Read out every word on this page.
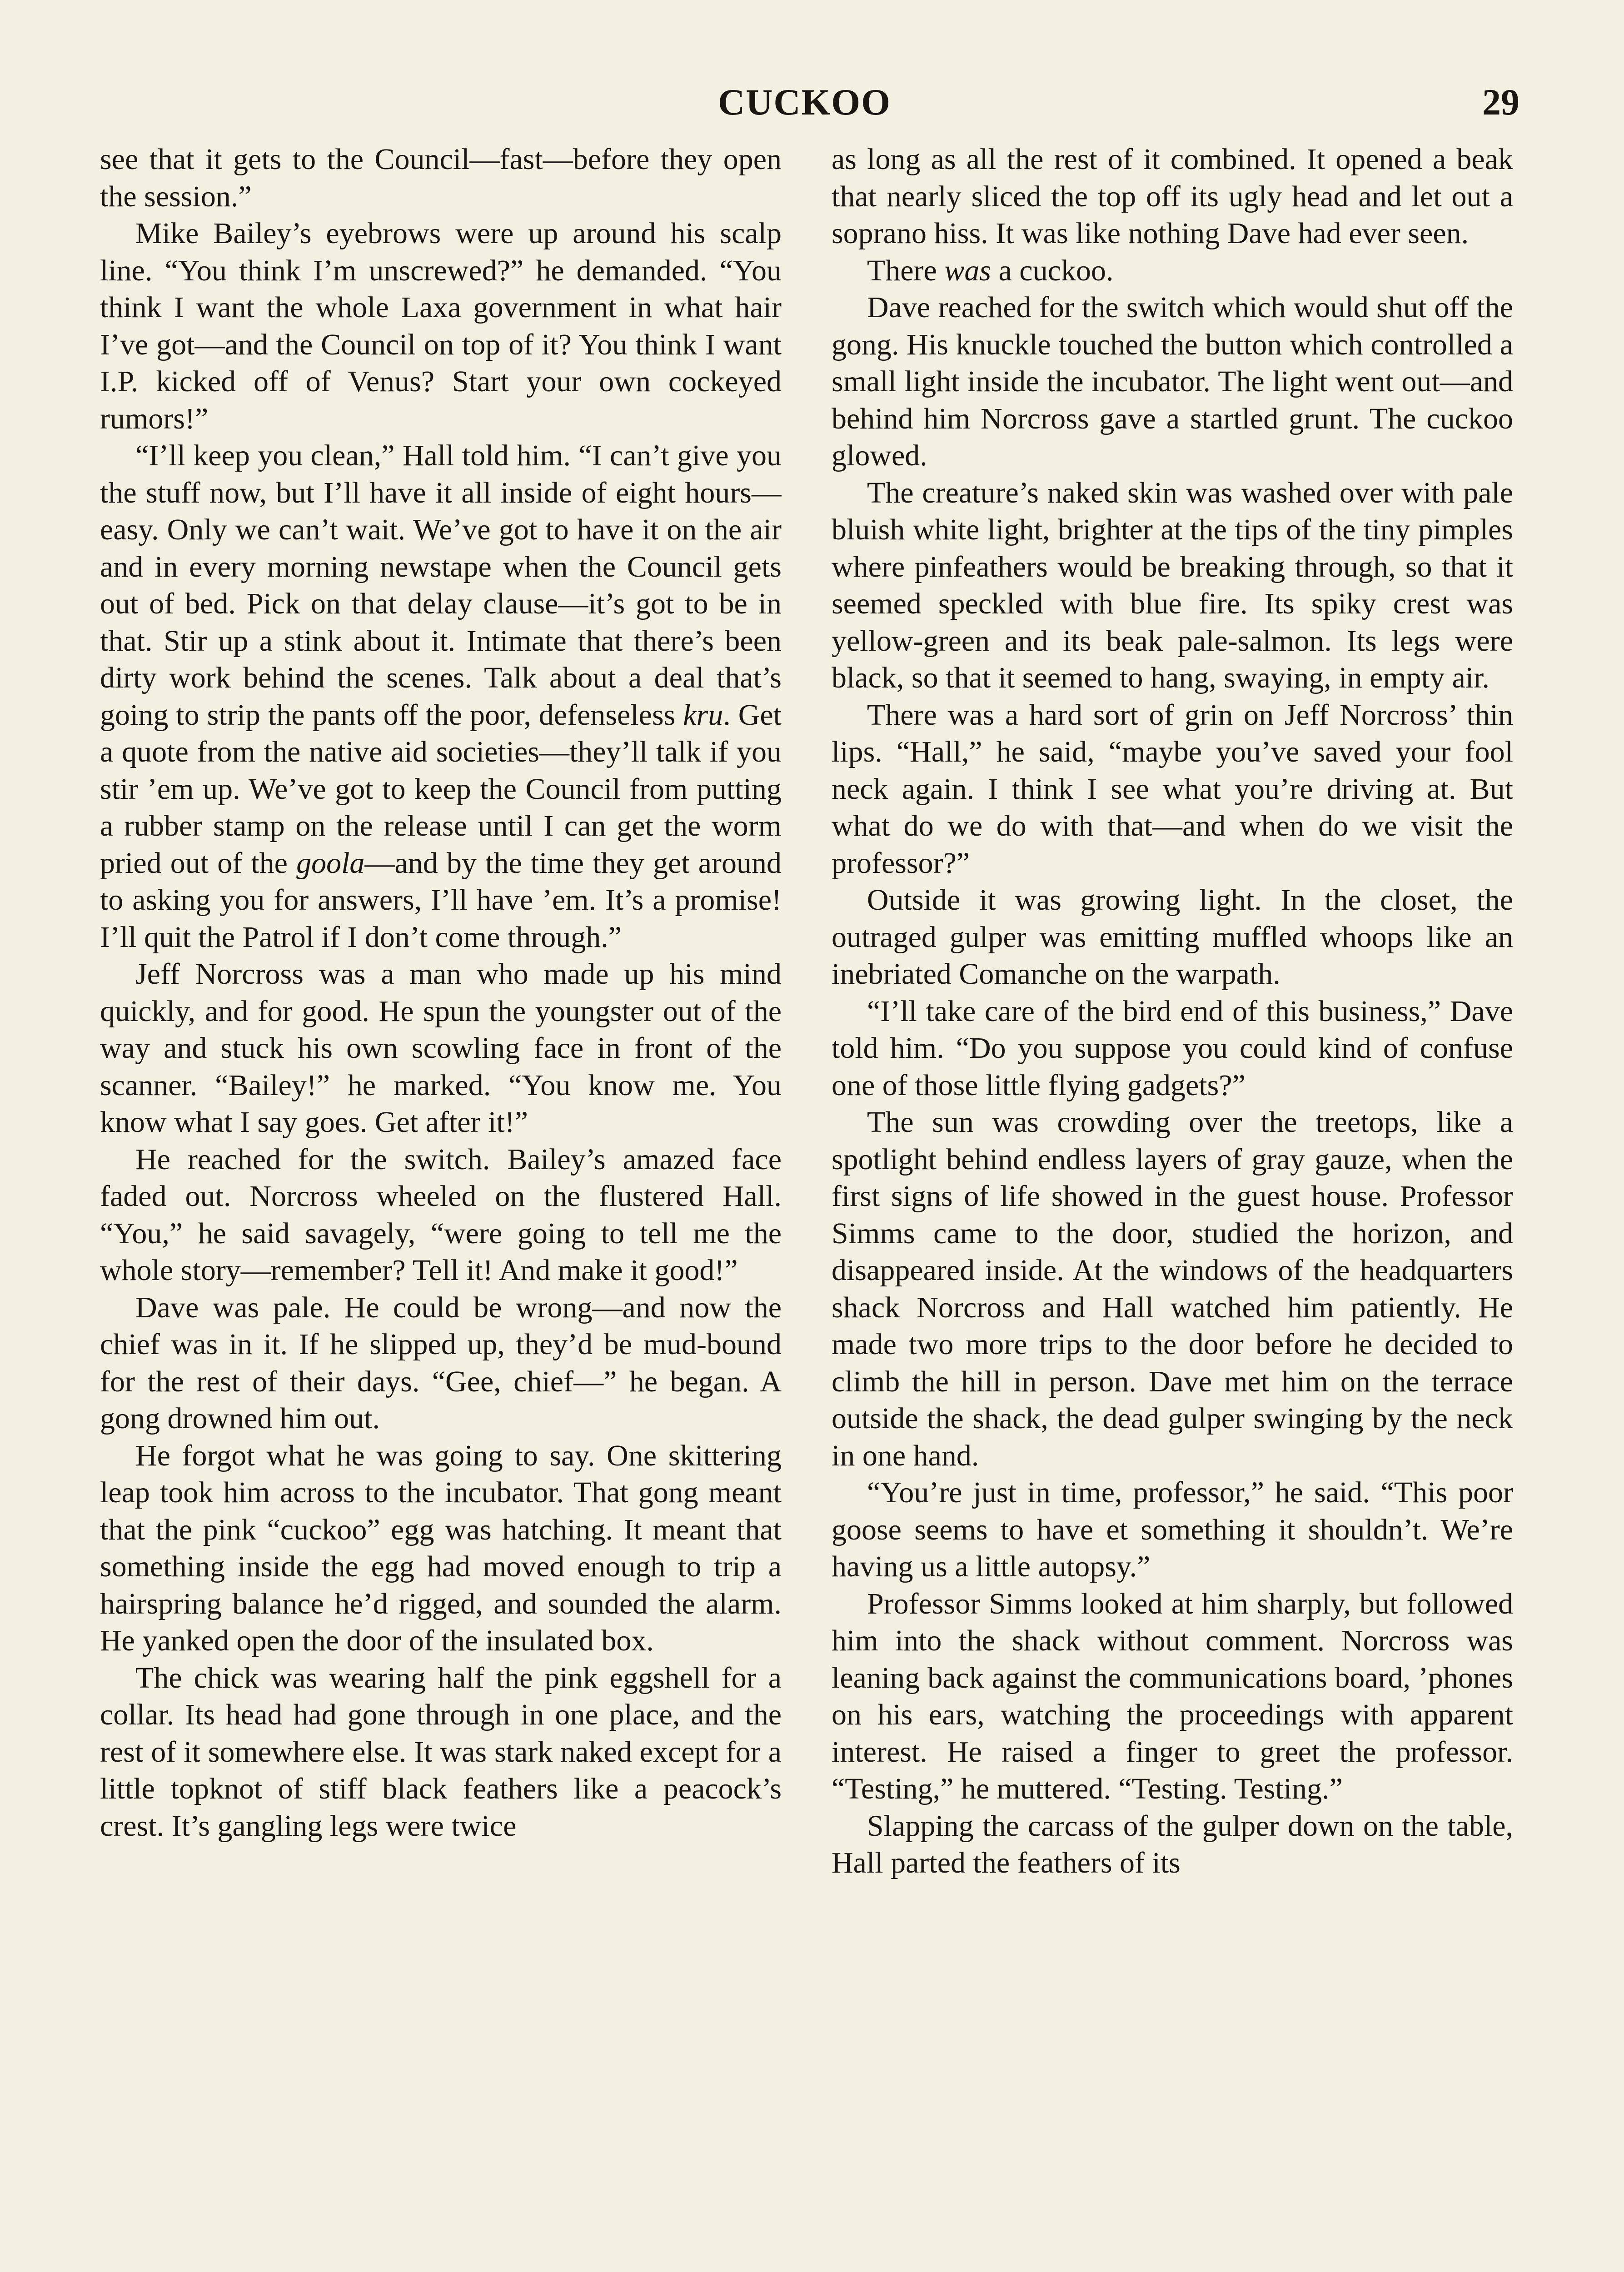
CUCKOO	29

see that it gets to the Council—fast—before they open the session.”

Mike Bailey’s eyebrows were up around his scalp line. “You think I’m unscrewed?” he demanded. “You think I want the whole Laxa government in what hair I’ve got—and the Council on top of it? You think I want I.P. kicked off of Venus? Start your own cockeyed rumors!”

“I’ll keep you clean,” Hall told him. “I can’t give you the stuff now, but I’ll have it all inside of eight hours—easy. Only we can’t wait. We’ve got to have it on the air and in every morning newstape when the Council gets out of bed. Pick on that delay clause—it’s got to be in that. Stir up a stink about it. Intimate that there’s been dirty work behind the scenes. Talk about a deal that’s going to strip the pants off the poor, defenseless kru. Get a quote from the native aid societies—they’ll talk if you stir ’em up. We’ve got to keep the Council from putting a rubber stamp on the release until I can get the worm pried out of the goola—and by the time they get around to asking you for answers, I’ll have ’em. It’s a promise! I’ll quit the Patrol if I don’t come through.”

Jeff Norcross was a man who made up his mind quickly, and for good. He spun the youngster out of the way and stuck his own scowling face in front of the scanner. “Bailey!” he marked. “You know me. You know what I say goes. Get after it!”

He reached for the switch. Bailey’s amazed face faded out. Norcross wheeled on the flustered Hall. “You,” he said savagely, “were going to tell me the whole story—remember? Tell it! And make it good!”

Dave was pale. He could be wrong—and now the chief was in it. If he slipped up, they’d be mud-bound for the rest of their days. “Gee, chief—” he began. A gong drowned him out.

He forgot what he was going to say. One skittering leap took him across to the incubator. That gong meant that the pink “cuckoo” egg was hatching. It meant that something inside the egg had moved enough to trip a hairspring balance he’d rigged, and sounded the alarm. He yanked open the door of the insulated box.

The chick was wearing half the pink eggshell for a collar. Its head had gone through in one place, and the rest of it somewhere else. It was stark naked except for a little topknot of stiff black feathers like a peacock’s crest. It’s gangling legs were twice

as long as all the rest of it combined. It opened a beak that nearly sliced the top off its ugly head and let out a soprano hiss. It was like nothing Dave had ever seen.

There was a cuckoo.

Dave reached for the switch which would shut off the gong. His knuckle touched the button which controlled a small light inside the incubator. The light went out—and behind him Norcross gave a startled grunt. The cuckoo glowed.

The creature’s naked skin was washed over with pale bluish white light, brighter at the tips of the tiny pimples where pinfeathers would be breaking through, so that it seemed speckled with blue fire. Its spiky crest was yellow-green and its beak pale-salmon. Its legs were black, so that it seemed to hang, swaying, in empty air.

There was a hard sort of grin on Jeff Norcross’ thin lips. “Hall,” he said, “maybe you’ve saved your fool neck again. I think I see what you’re driving at. But what do we do with that—and when do we visit the professor?”

Outside it was growing light. In the closet, the outraged gulper was emitting muffled whoops like an inebriated Comanche on the warpath.

“I’ll take care of the bird end of this business,” Dave told him. “Do you suppose you could kind of confuse one of those little flying gadgets?”

The sun was crowding over the treetops, like a spotlight behind endless layers of gray gauze, when the first signs of life showed in the guest house. Professor Simms came to the door, studied the horizon, and disappeared inside. At the windows of the headquarters shack Norcross and Hall watched him patiently. He made two more trips to the door before he decided to climb the hill in person. Dave met him on the terrace outside the shack, the dead gulper swinging by the neck in one hand.

“You’re just in time, professor,” he said. “This poor goose seems to have et something it shouldn’t. We’re having us a little autopsy.”

Professor Simms looked at him sharply, but followed him into the shack without comment. Norcross was leaning back against the communications board, ’phones on his ears, watching the proceedings with apparent interest. He raised a finger to greet the professor. “Testing,” he muttered. “Testing. Testing.”

Slapping the carcass of the gulper down on the table, Hall parted the feathers of its
